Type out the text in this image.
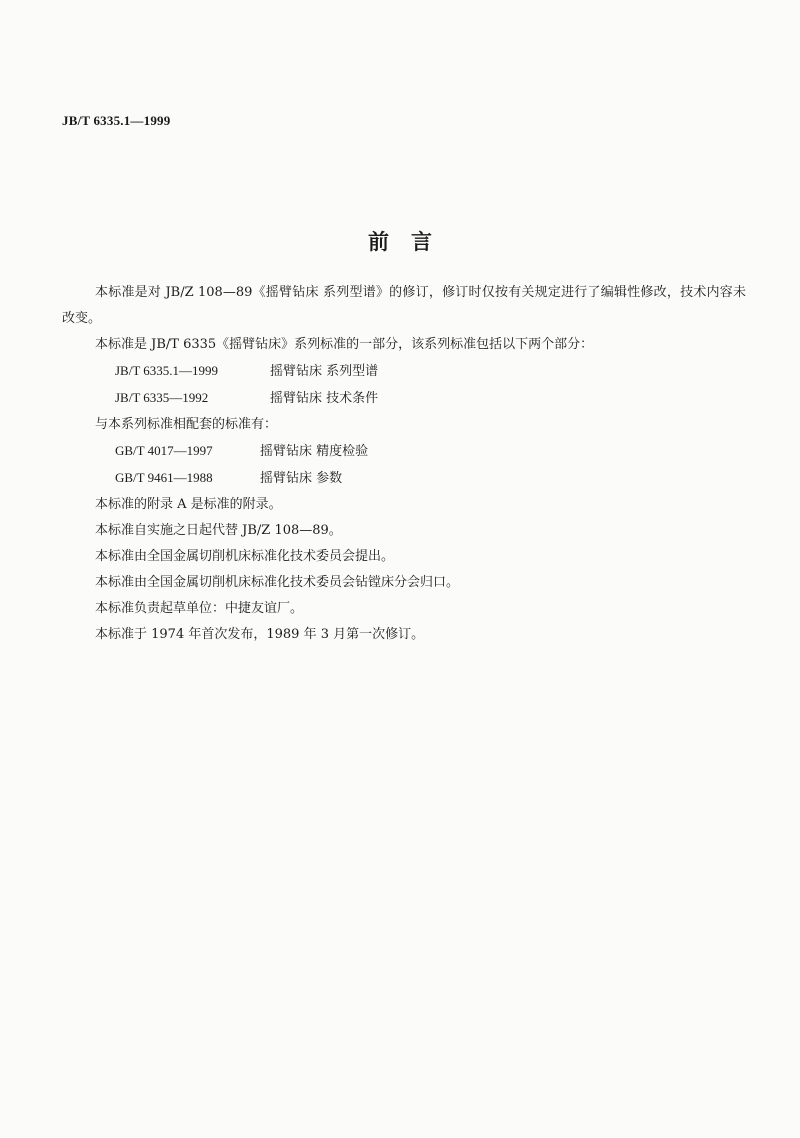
JB/T 6335.1—1999
前言

本标准是对 JB/Z 108—89《摇臂钻床 系列型谱》的修订，修订时仅按有关规定进行了编辑性修改，技术内容未改变。

本标准是 JB/T 6335《摇臂钻床》系列标准的一部分，该系列标准包括以下两个部分：

JB/T 6335.1—1999	摇臂钻床 系列型谱
JB/T 6335—1992	摇臂钻床 技术条件

与本系列标准相配套的标准有：

GB/T 4017—1997	摇臂钻床 精度检验
GB/T 9461—1988	摇臂钻床 参数

本标准的附录 A 是标准的附录。

本标准自实施之日起代替 JB/Z 108—89。

本标准由全国金属切削机床标准化技术委员会提出。

本标准由全国金属切削机床标准化技术委员会钻镗床分会归口。

本标准负责起草单位：中捷友谊厂。

本标准于 1974 年首次发布，1989 年 3 月第一次修订。
